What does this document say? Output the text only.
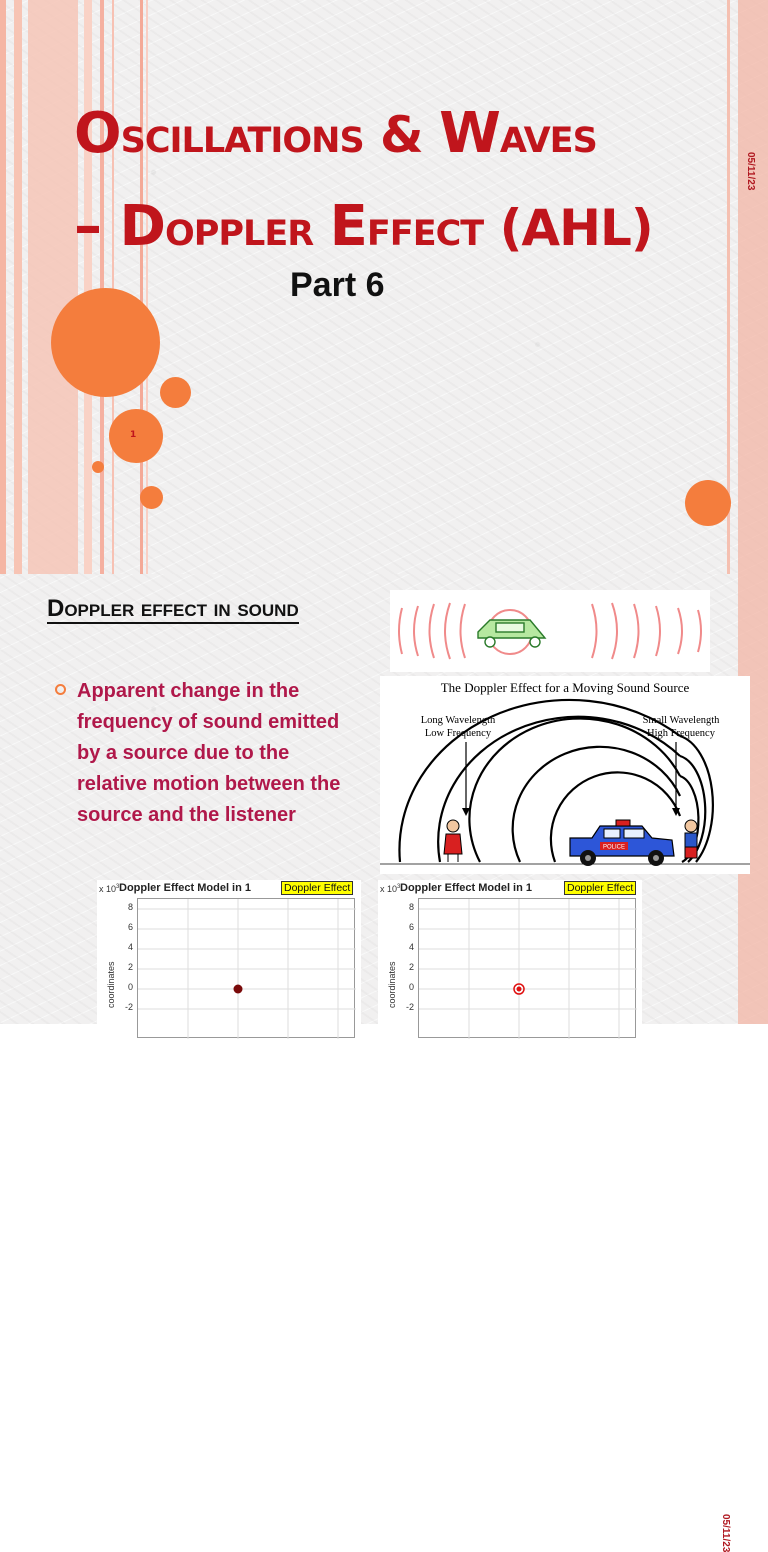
1
Oscillations & Waves
– Doppler Effect (AHL)
Part 6
05/11/23
Doppler effect in sound
Apparent change in the frequency of sound emitted by a source due to the relative motion between the source and the listener
The Doppler Effect for a Moving Sound Source
Long Wavelength
Low Frequency
Small Wavelength
High Frequency
POLICE
x $10^3$ Doppler Effect Model in 1	Doppler Effect
8
6
4
2
0
-2
coordinates
x $10^3$ Doppler Effect Model in 1	Doppler Effect
8
6
4
2
0
-2
coordinates
05/11/23
